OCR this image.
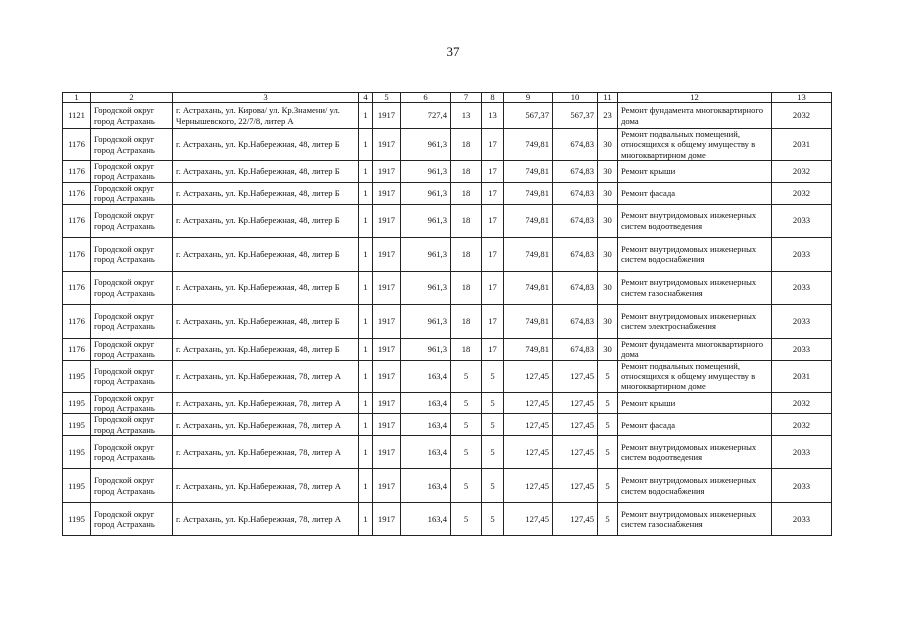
37
1	2	3	4	5	6	7	8	9	10	11	12	13
1121	Городской округ город Астрахань	г. Астрахань, ул. Кирова/ ул. Кр.Знамени/ ул. Чернышевского, 22/7/8, литер А	1	1917	727,4	13	13	567,37	567,37	23	Ремонт фундамента многоквартирного дома	2032
1176	Городской округ город Астрахань	г. Астрахань, ул. Кр.Набережная, 48, литер Б	1	1917	961,3	18	17	749,81	674,83	30	Ремонт подвальных помещений, относящихся к общему имуществу в многоквартирном доме	2031
1176	Городской округ город Астрахань	г. Астрахань, ул. Кр.Набережная, 48, литер Б	1	1917	961,3	18	17	749,81	674,83	30	Ремонт крыши	2032
1176	Городской округ город Астрахань	г. Астрахань, ул. Кр.Набережная, 48, литер Б	1	1917	961,3	18	17	749,81	674,83	30	Ремонт фасада	2032
1176	Городской округ город Астрахань	г. Астрахань, ул. Кр.Набережная, 48, литер Б	1	1917	961,3	18	17	749,81	674,83	30	Ремонт внутридомовых инженерных систем водоотведения	2033
1176	Городской округ город Астрахань	г. Астрахань, ул. Кр.Набережная, 48, литер Б	1	1917	961,3	18	17	749,81	674,83	30	Ремонт внутридомовых инженерных систем водоснабжения	2033
1176	Городской округ город Астрахань	г. Астрахань, ул. Кр.Набережная, 48, литер Б	1	1917	961,3	18	17	749,81	674,83	30	Ремонт внутридомовых инженерных систем газоснабжения	2033
1176	Городской округ город Астрахань	г. Астрахань, ул. Кр.Набережная, 48, литер Б	1	1917	961,3	18	17	749,81	674,83	30	Ремонт внутридомовых инженерных систем электроснабжения	2033
1176	Городской округ город Астрахань	г. Астрахань, ул. Кр.Набережная, 48, литер Б	1	1917	961,3	18	17	749,81	674,83	30	Ремонт фундамента многоквартирного дома	2033
1195	Городской округ город Астрахань	г. Астрахань, ул. Кр.Набережная, 78, литер А	1	1917	163,4	5	5	127,45	127,45	5	Ремонт подвальных помещений, относящихся к общему имуществу в многоквартирном доме	2031
1195	Городской округ город Астрахань	г. Астрахань, ул. Кр.Набережная, 78, литер А	1	1917	163,4	5	5	127,45	127,45	5	Ремонт крыши	2032
1195	Городской округ город Астрахань	г. Астрахань, ул. Кр.Набережная, 78, литер А	1	1917	163,4	5	5	127,45	127,45	5	Ремонт фасада	2032
1195	Городской округ город Астрахань	г. Астрахань, ул. Кр.Набережная, 78, литер А	1	1917	163,4	5	5	127,45	127,45	5	Ремонт внутридомовых инженерных систем водоотведения	2033
1195	Городской округ город Астрахань	г. Астрахань, ул. Кр.Набережная, 78, литер А	1	1917	163,4	5	5	127,45	127,45	5	Ремонт внутридомовых инженерных систем водоснабжения	2033
1195	Городской округ город Астрахань	г. Астрахань, ул. Кр.Набережная, 78, литер А	1	1917	163,4	5	5	127,45	127,45	5	Ремонт внутридомовых инженерных систем газоснабжения	2033
